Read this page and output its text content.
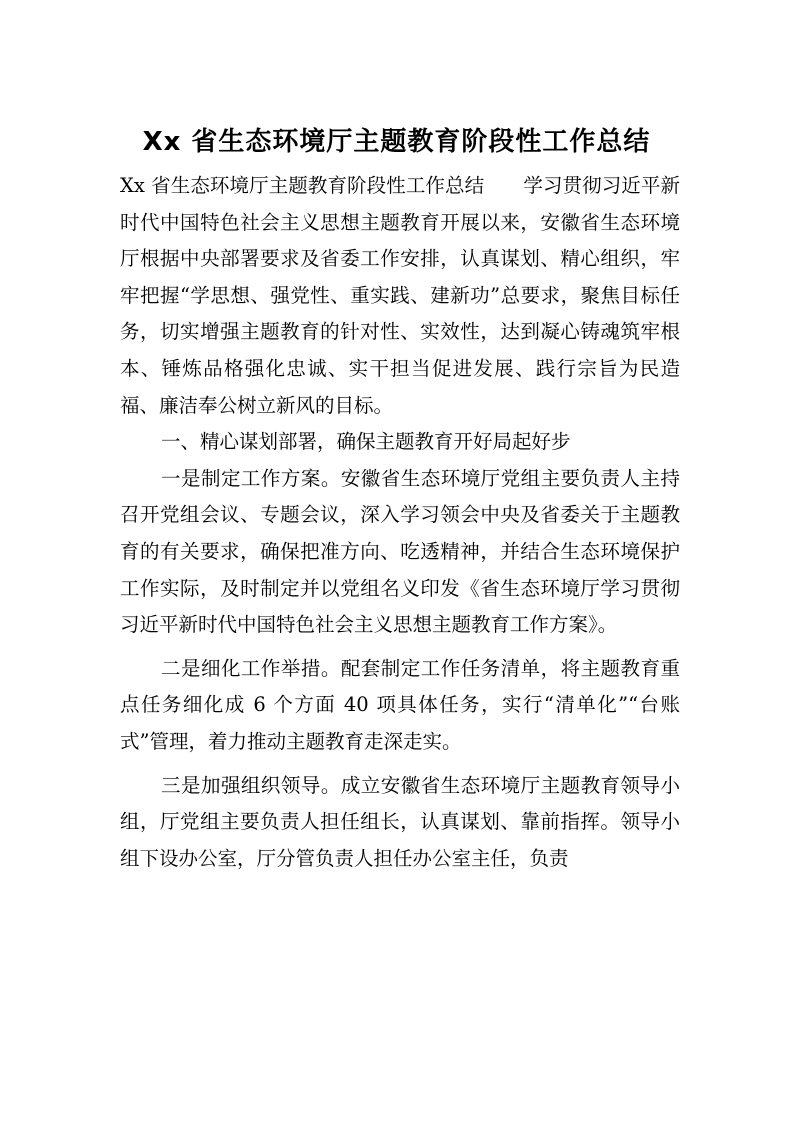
Xx 省生态环境厅主题教育阶段性工作总结

Xx 省生态环境厅主题教育阶段性工作总结　　学习贯彻习近平新时代中国特色社会主义思想主题教育开展以来，安徽省生态环境厅根据中央部署要求及省委工作安排，认真谋划、精心组织，牢牢把握“学思想、强党性、重实践、建新功”总要求，聚焦目标任务，切实增强主题教育的针对性、实效性，达到凝心铸魂筑牢根本、锤炼品格强化忠诚、实干担当促进发展、践行宗旨为民造福、廉洁奉公树立新风的目标。

一、精心谋划部署，确保主题教育开好局起好步

一是制定工作方案。安徽省生态环境厅党组主要负责人主持召开党组会议、专题会议，深入学习领会中央及省委关于主题教育的有关要求，确保把准方向、吃透精神，并结合生态环境保护工作实际，及时制定并以党组名义印发《省生态环境厅学习贯彻习近平新时代中国特色社会主义思想主题教育工作方案》。

二是细化工作举措。配套制定工作任务清单，将主题教育重点任务细化成 6 个方面 40 项具体任务，实行“清单化”“台账式”管理，着力推动主题教育走深走实。

三是加强组织领导。成立安徽省生态环境厅主题教育领导小组，厅党组主要负责人担任组长，认真谋划、靠前指挥。领导小组下设办公室，厅分管负责人担任办公室主任，负责
